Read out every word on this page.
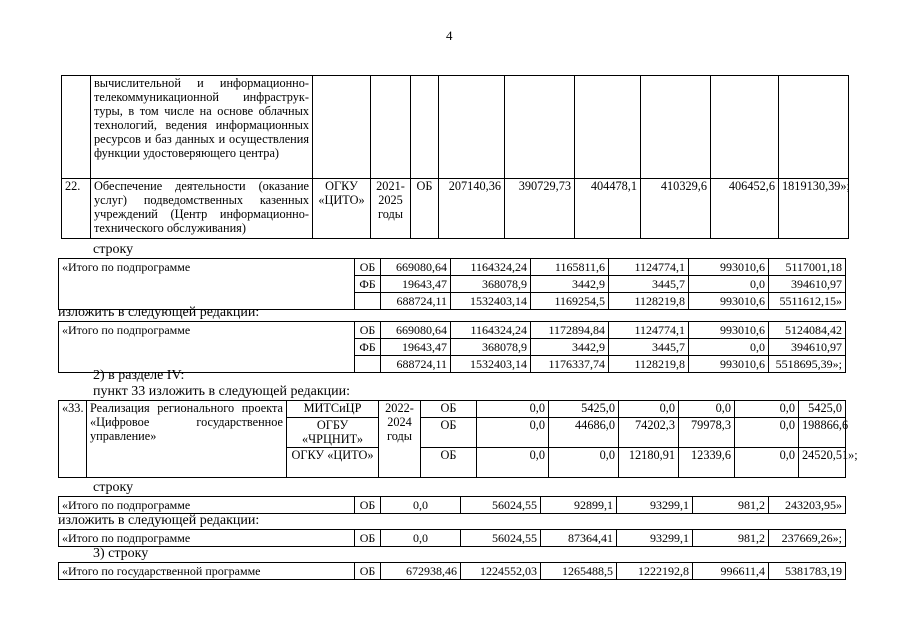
4
	вычислительной и информационно-телекоммуникационной инфраструк-туры, в том числе на основе облачных технологий, ведения информационных ресурсов и баз данных и осуществления функции удостоверяющего центра)									
22.	Обеспечение деятельности (оказание услуг) подведомственных казенных учреждений (Центр информационно-технического обслуживания)	ОГКУ «ЦИТО»	2021-2025 годы	ОБ	207140,36	390729,73	404478,1	410329,6	406452,6	1819130,39»;
строку
«Итого по подпрограмме	ОБ	669080,64	1164324,24	1165811,6	1124774,1	993010,6	5117001,18
	ФБ	19643,47	368078,9	3442,9	3445,7	0,0	394610,97
		688724,11	1532403,14	1169254,5	1128219,8	993010,6	5511612,15»
изложить в следующей редакции:
«Итого по подпрограмме	ОБ	669080,64	1164324,24	1172894,84	1124774,1	993010,6	5124084,42
	ФБ	19643,47	368078,9	3442,9	3445,7	0,0	394610,97
		688724,11	1532403,14	1176337,74	1128219,8	993010,6	5518695,39»;
2) в разделе IV:
пункт 33 изложить в следующей редакции:
«33.	Реализация регионального проекта «Цифровое государственное управление»	МИТСиЦР	2022-2024 годы	ОБ	0,0	5425,0	0,0	0,0	0,0	5425,0
		ОГБУ «ЧРЦНИТ»		ОБ	0,0	44686,0	74202,3	79978,3	0,0	198866,6
		ОГКУ «ЦИТО»		ОБ	0,0	0,0	12180,91	12339,6	0,0	24520,51»;
строку
«Итого по подпрограмме	ОБ	0,0	56024,55	92899,1	93299,1	981,2	243203,95»
изложить в следующей редакции:
«Итого по подпрограмме	ОБ	0,0	56024,55	87364,41	93299,1	981,2	237669,26»;
3) строку
«Итого по государственной программе	ОБ	672938,46	1224552,03	1265488,5	1222192,8	996611,4	5381783,19
